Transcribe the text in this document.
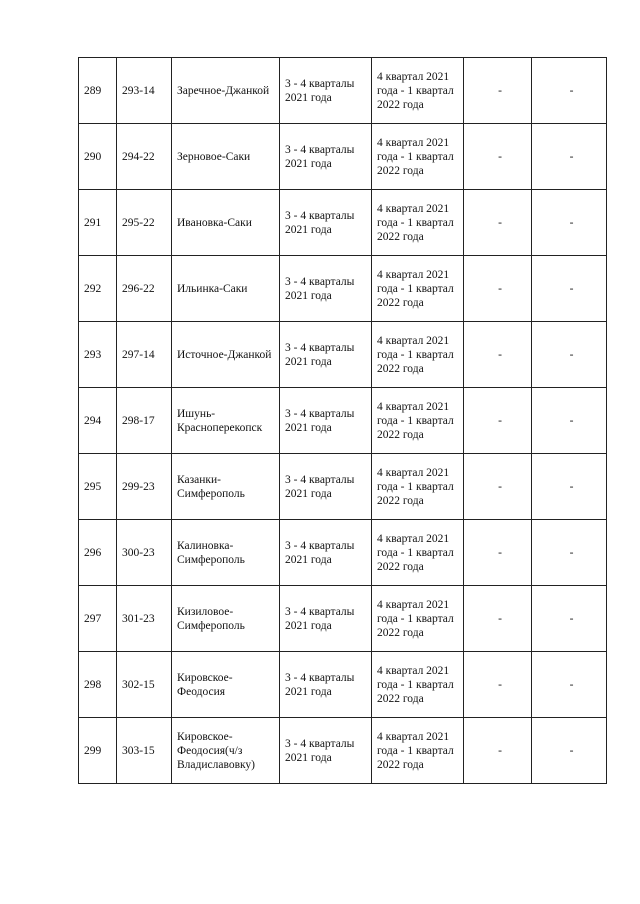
289	293-14	Заречное-Джанкой	3 - 4 кварталы 2021 года	4 квартал 2021 года - 1 квартал 2022 года	-	-
290	294-22	Зерновое-Саки	3 - 4 кварталы 2021 года	4 квартал 2021 года - 1 квартал 2022 года	-	-
291	295-22	Ивановка-Саки	3 - 4 кварталы 2021 года	4 квартал 2021 года - 1 квартал 2022 года	-	-
292	296-22	Ильинка-Саки	3 - 4 кварталы 2021 года	4 квартал 2021 года - 1 квартал 2022 года	-	-
293	297-14	Источное-Джанкой	3 - 4 кварталы 2021 года	4 квартал 2021 года - 1 квартал 2022 года	-	-
294	298-17	Ишунь-Красноперекопск	3 - 4 кварталы 2021 года	4 квартал 2021 года - 1 квартал 2022 года	-	-
295	299-23	Казанки-Симферополь	3 - 4 кварталы 2021 года	4 квартал 2021 года - 1 квартал 2022 года	-	-
296	300-23	Калиновка-Симферополь	3 - 4 кварталы 2021 года	4 квартал 2021 года - 1 квартал 2022 года	-	-
297	301-23	Кизиловое-Симферополь	3 - 4 кварталы 2021 года	4 квартал 2021 года - 1 квартал 2022 года	-	-
298	302-15	Кировское-Феодосия	3 - 4 кварталы 2021 года	4 квартал 2021 года - 1 квартал 2022 года	-	-
299	303-15	Кировское-Феодосия(ч/з Владиславовку)	3 - 4 кварталы 2021 года	4 квартал 2021 года - 1 квартал 2022 года	-	-
